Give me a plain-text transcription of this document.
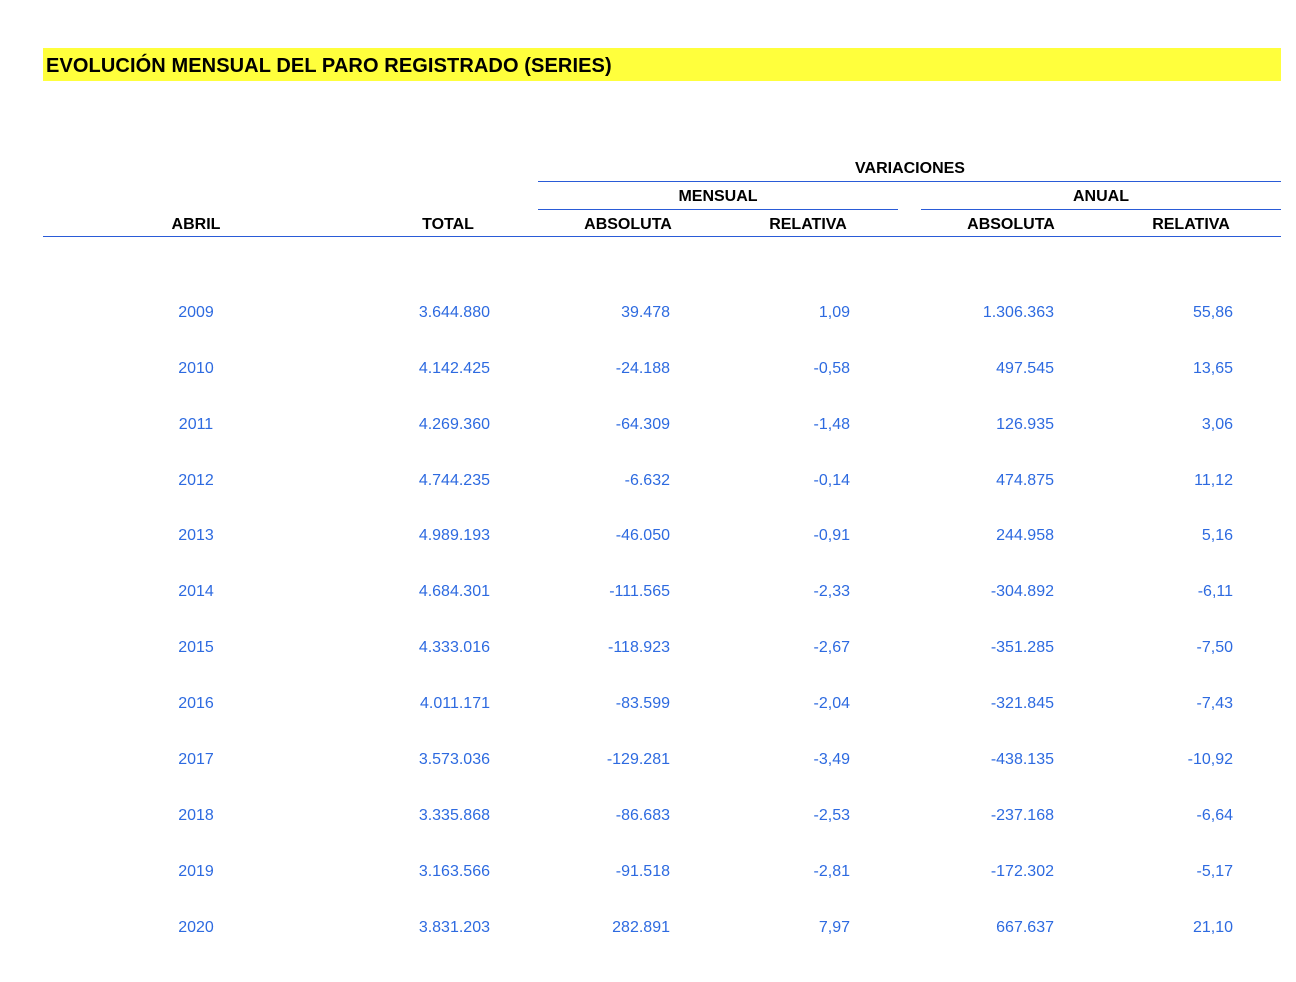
EVOLUCIÓN MENSUAL DEL PARO REGISTRADO (SERIES)
VARIACIONES
MENSUAL	ANUAL
ABRIL	TOTAL	ABSOLUTA	RELATIVA	ABSOLUTA	RELATIVA
2009	3.644.880	39.478	1,09	1.306.363	55,86
2010	4.142.425	-24.188	-0,58	497.545	13,65
2011	4.269.360	-64.309	-1,48	126.935	3,06
2012	4.744.235	-6.632	-0,14	474.875	11,12
2013	4.989.193	-46.050	-0,91	244.958	5,16
2014	4.684.301	-111.565	-2,33	-304.892	-6,11
2015	4.333.016	-118.923	-2,67	-351.285	-7,50
2016	4.011.171	-83.599	-2,04	-321.845	-7,43
2017	3.573.036	-129.281	-3,49	-438.135	-10,92
2018	3.335.868	-86.683	-2,53	-237.168	-6,64
2019	3.163.566	-91.518	-2,81	-172.302	-5,17
2020	3.831.203	282.891	7,97	667.637	21,10
